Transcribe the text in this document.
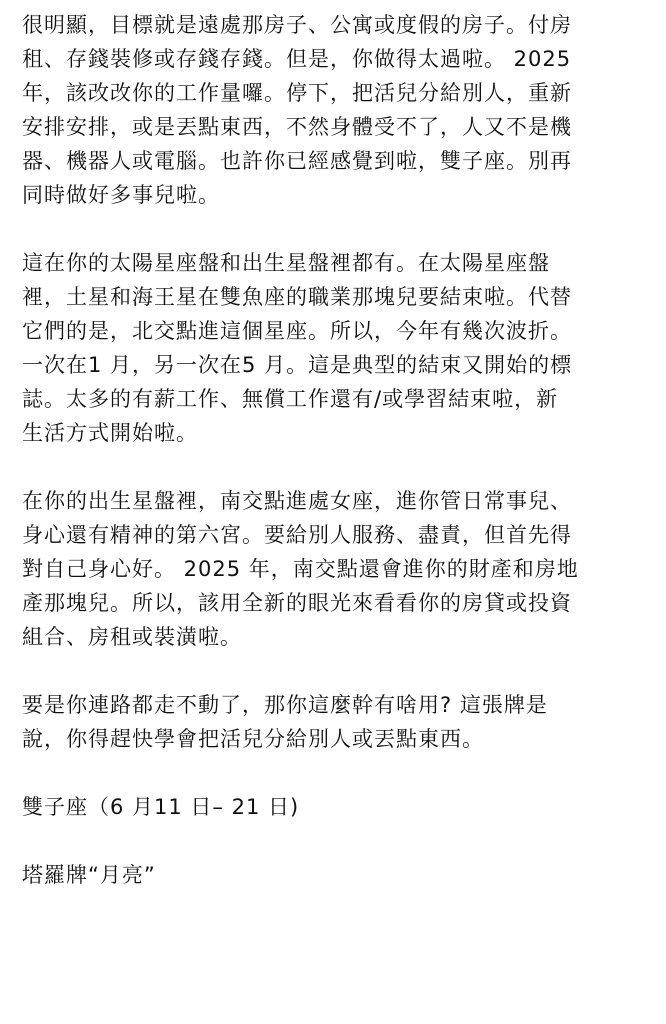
很明顯，目標就是遠處那房子、公寓或度假的房子。付房
租、存錢裝修或存錢存錢。但是，你做得太過啦。 2025
年，該改改你的工作量囉。停下，把活兒分給別人，重新
安排安排，或是丟點東西，不然身體受不了，人又不是機
器、機器人或電腦。也許你已經感覺到啦，雙子座。別再
同時做好多事兒啦。

這在你的太陽星座盤和出生星盤裡都有。在太陽星座盤
裡，土星和海王星在雙魚座的職業那塊兒要結束啦。代替
它們的是，北交點進這個星座。所以，今年有幾次波折。
一次在1 月，另一次在5 月。這是典型的結束又開始的標
誌。太多的有薪工作、無償工作還有/或學習結束啦，新
生活方式開始啦。

在你的出生星盤裡，南交點進處女座，進你管日常事兒、
身心還有精神的第六宮。要給別人服務、盡責，但首先得
對自己身心好。 2025 年，南交點還會進你的財產和房地
產那塊兒。所以，該用全新的眼光來看看你的房貸或投資
組合、房租或裝潢啦。

要是你連路都走不動了，那你這麼幹有啥用? 這張牌是
說，你得趕快學會把活兒分給別人或丟點東西。

雙子座（6 月11 日– 21 日)

塔羅牌“月亮”
